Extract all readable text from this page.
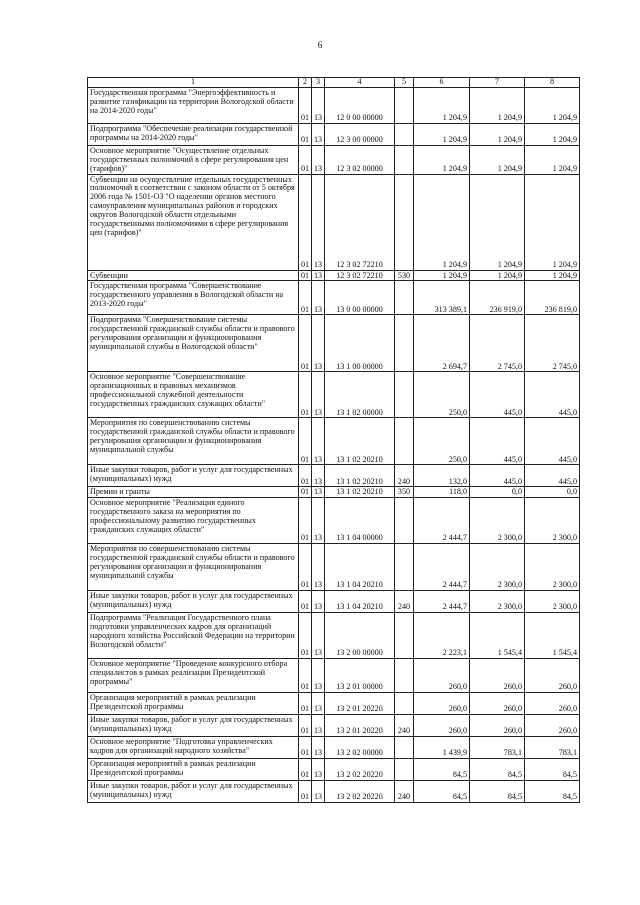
6
1	2	3	4	5	6	7	8
Государственная программа "Энергоэффективность и развитие газификации на территории Вологодской области на 2014-2020 годы"	01	13	12 0 00 00000		1 204,9	1 204,9	1 204,9
Подпрограмма "Обеспечение реализации государственной программы на 2014-2020 годы"	01	13	12 3 00 00000		1 204,9	1 204,9	1 204,9
Основное мероприятие "Осуществление отдельных государственных полномочий в сфере регулирования цен (тарифов)"	01	13	12 3 02 00000		1 204,9	1 204,9	1 204,9
Субвенции на осуществление отдельных государственных полномочий в соответствии с законом области от 5 октября 2006 года № 1501-ОЗ "О наделении органов местного самоуправления муниципальных районов и городских округов Вологодской области отдельными государственными полномочиями в сфере регулирования цен (тарифов)"	01	13	12 3 02 72210		1 204,9	1 204,9	1 204,9
Субвенции	01	13	12 3 02 72210	530	1 204,9	1 204,9	1 204,9
Государственная программа "Совершенствование государственного управления в Вологодской области на 2013-2020 годы"	01	13	13 0 00 00000		313 389,1	236 919,0	236 819,0
Подпрограмма "Совершенствование системы государственной гражданской службы области и правового регулирования организации и функционирования муниципальной службы в Вологодской области"	01	13	13 1 00 00000		2 694,7	2 745,0	2 745,0
Основное мероприятие "Совершенствование организационных и правовых механизмов профессиональной служебной деятельности государственных гражданских служащих области"	01	13	13 1 02 00000		250,0	445,0	445,0
Мероприятия по совершенствованию системы государственной гражданской службы области и правового регулирования организации и функционирования муниципальной службы	01	13	13 1 02 20210		250,0	445,0	445,0
Иные закупки товаров, работ и услуг для государственных (муниципальных) нужд	01	13	13 1 02 20210	240	132,0	445,0	445,0
Премии и гранты	01	13	13 1 02 20210	350	118,0	0,0	0,0
Основное мероприятие "Реализация единого государственного заказа на мероприятия по профессиональному развитию государственных гражданских служащих области"	01	13	13 1 04 00000		2 444,7	2 300,0	2 300,0
Мероприятия по совершенствованию системы государственной гражданской службы области и правового регулирования организации и функционирования муниципальной службы	01	13	13 1 04 20210		2 444,7	2 300,0	2 300,0
Иные закупки товаров, работ и услуг для государственных (муниципальных) нужд	01	13	13 1 04 20210	240	2 444,7	2 300,0	2 300,0
Подпрограмма "Реализация Государственного плана подготовки управленческих кадров для организаций народного хозяйства Российской Федерации на территории Вологодской области"	01	13	13 2 00 00000		2 223,1	1 545,4	1 545,4
Основное мероприятие "Проведение конкурсного отбора специалистов в рамках реализации Президентской программы"	01	13	13 2 01 00000		260,0	260,0	260,0
Организация мероприятий в рамках реализации Президентской программы	01	13	13 2 01 20220		260,0	260,0	260,0
Иные закупки товаров, работ и услуг для государственных (муниципальных) нужд	01	13	13 2 01 20220	240	260,0	260,0	260,0
Основное мероприятие "Подготовка управленческих кадров для организаций народного хозяйства"	01	13	13 2 02 00000		1 439,9	783,1	783,1
Организация мероприятий в рамках реализации Президентской программы	01	13	13 2 02 20220		84,5	84,5	84,5
Иные закупки товаров, работ и услуг для государственных (муниципальных) нужд	01	13	13 2 02 20220	240	84,5	84,5	84,5
